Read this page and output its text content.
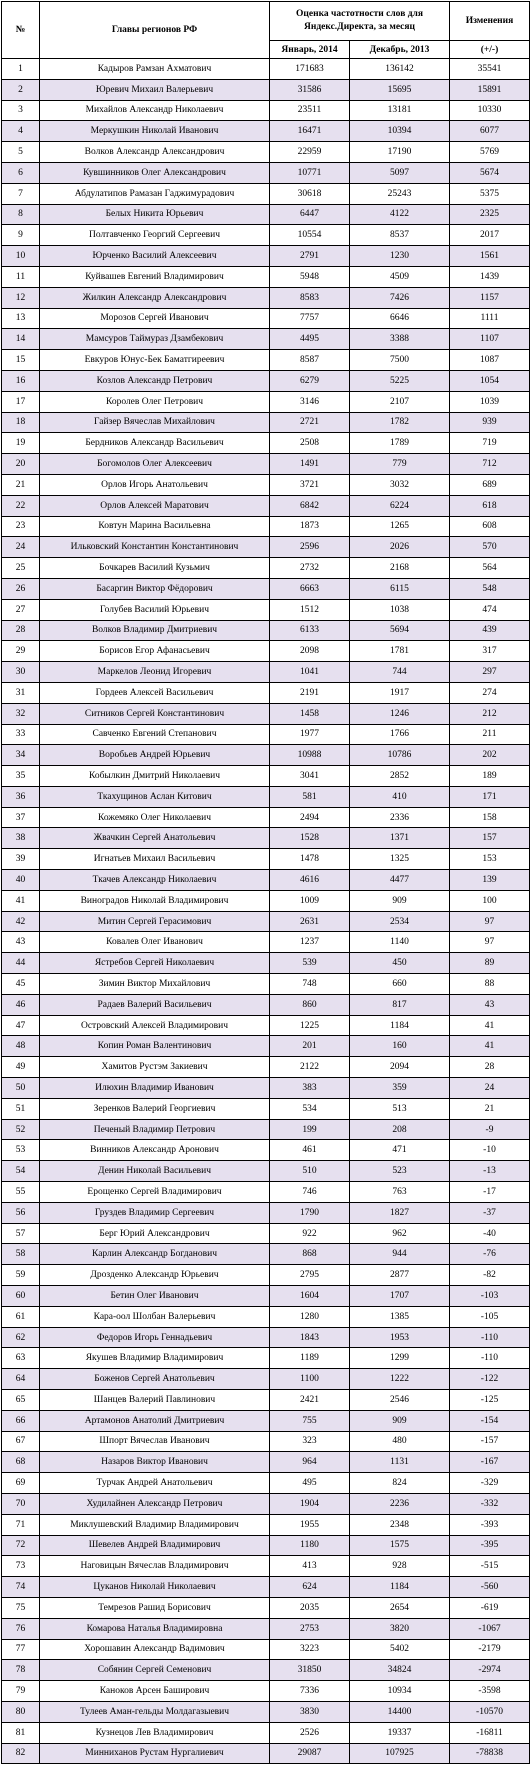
№	Главы регионов РФ	Оценка частотности слов для Яндекс.Директа, за месяц		Изменения
		Январь, 2014	Декабрь, 2013	(+/-)
1	Кадыров Рамзан Ахматович	171683	136142	35541
2	Юревич Михаил Валерьевич	31586	15695	15891
3	Михайлов Александр Николаевич	23511	13181	10330
4	Меркушкин Николай Иванович	16471	10394	6077
5	Волков Александр Александрович	22959	17190	5769
6	Кувшинников Олег Александрович	10771	5097	5674
7	Абдулатипов Рамазан Гаджимурадович	30618	25243	5375
8	Белых Никита Юрьевич	6447	4122	2325
9	Полтавченко Георгий Сергеевич	10554	8537	2017
10	Юрченко Василий Алексеевич	2791	1230	1561
11	Куйвашев Евгений Владимирович	5948	4509	1439
12	Жилкин Александр Александрович	8583	7426	1157
13	Морозов Сергей Иванович	7757	6646	1111
14	Мамсуров Таймураз Дзамбекович	4495	3388	1107
15	Евкуров Юнус-Бек Баматгиреевич	8587	7500	1087
16	Козлов Александр Петрович	6279	5225	1054
17	Королев Олег Петрович	3146	2107	1039
18	Гайзер Вячеслав Михайлович	2721	1782	939
19	Бердников Александр Васильевич	2508	1789	719
20	Богомолов Олег Алексеевич	1491	779	712
21	Орлов Игорь Анатольевич	3721	3032	689
22	Орлов Алексей Маратович	6842	6224	618
23	Ковтун Марина Васильевна	1873	1265	608
24	Ильковский Константин Константинович	2596	2026	570
25	Бочкарев Василий Кузьмич	2732	2168	564
26	Басаргин Виктор Фёдорович	6663	6115	548
27	Голубев Василий Юрьевич	1512	1038	474
28	Волков Владимир Дмитриевич	6133	5694	439
29	Борисов Егор Афанасьевич	2098	1781	317
30	Маркелов Леонид Игоревич	1041	744	297
31	Гордеев Алексей Васильевич	2191	1917	274
32	Ситников Сергей Константинович	1458	1246	212
33	Савченко Евгений Степанович	1977	1766	211
34	Воробьев Андрей Юрьевич	10988	10786	202
35	Кобылкин Дмитрий Николаевич	3041	2852	189
36	Ткахущинов Аслан Китович	581	410	171
37	Кожемяко Олег Николаевич	2494	2336	158
38	Жвачкин Сергей Анатольевич	1528	1371	157
39	Игнатьев Михаил Васильевич	1478	1325	153
40	Ткачев Александр Николаевич	4616	4477	139
41	Виноградов Николай Владимирович	1009	909	100
42	Митин Сергей Герасимович	2631	2534	97
43	Ковалев Олег Иванович	1237	1140	97
44	Ястребов Сергей Николаевич	539	450	89
45	Зимин Виктор Михайлович	748	660	88
46	Радаев Валерий Васильевич	860	817	43
47	Островский Алексей Владимирович	1225	1184	41
48	Копин Роман Валентинович	201	160	41
49	Хамитов Рустэм Закиевич	2122	2094	28
50	Илюхин Владимир Иванович	383	359	24
51	Зеренков Валерий Георгиевич	534	513	21
52	Печеный Владимир Петрович	199	208	-9
53	Винников Александр Аронович	461	471	-10
54	Денин Николай Васильевич	510	523	-13
55	Ерощенко Сергей Владимирович	746	763	-17
56	Груздев Владимир Сергеевич	1790	1827	-37
57	Берг Юрий Александрович	922	962	-40
58	Карлин Александр Богданович	868	944	-76
59	Дрозденко Александр Юрьевич	2795	2877	-82
60	Бетин Олег Иванович	1604	1707	-103
61	Кара-оол Шолбан Валерьевич	1280	1385	-105
62	Федоров Игорь Геннадьевич	1843	1953	-110
63	Якушев Владимир Владимирович	1189	1299	-110
64	Боженов Сергей Анатольевич	1100	1222	-122
65	Шанцев Валерий Павлинович	2421	2546	-125
66	Артамонов Анатолий Дмитриевич	755	909	-154
67	Шпорт Вячеслав Иванович	323	480	-157
68	Назаров Виктор Иванович	964	1131	-167
69	Турчак Андрей Анатольевич	495	824	-329
70	Худилайнен Александр Петрович	1904	2236	-332
71	Миклушевский Владимир Владимирович	1955	2348	-393
72	Шевелев Андрей Владимирович	1180	1575	-395
73	Наговицын Вячеслав Владимирович	413	928	-515
74	Цуканов Николай Николаевич	624	1184	-560
75	Темрезов Рашид Борисович	2035	2654	-619
76	Комарова Наталья Владимировна	2753	3820	-1067
77	Хорошавин Александр Вадимович	3223	5402	-2179
78	Собянин Сергей Семенович	31850	34824	-2974
79	Каноков Арсен Баширович	7336	10934	-3598
80	Тулеев Аман-гельды Молдагазыевич	3830	14400	-10570
81	Кузнецов Лев Владимирович	2526	19337	-16811
82	Минниханов Рустам Нургалиевич	29087	107925	-78838
